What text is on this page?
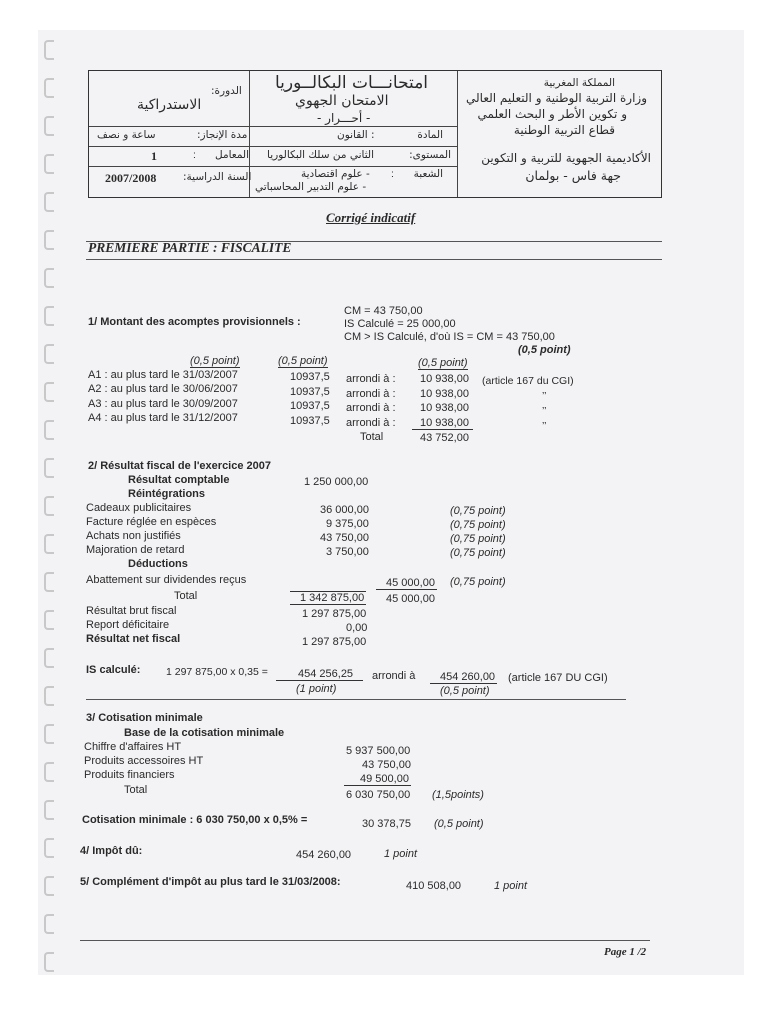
المملكة المغربية
وزارة التربية الوطنية و التعليم العالي
و تكوين الأطر و البحث العلمي
قطاع التربية الوطنية
الأكاديمية الجهوية للتربية و التكوين
جهة فاس - بولمان
امتحانـــات البكالــوريا
الامتحان الجهوي
- أحـــرار -
المادة
: القانون
المستوى:
الثاني من سلك البكالوريا
الشعبة
:
- علوم اقتصادية
- علوم التدبير المحاسباتي
الدورة:
الاستدراكية
مدة الإنجاز:
ساعة و نصف
المعامل
:
1
السنة الدراسية:
2007/2008
Corrigé indicatif
PREMIERE PARTIE : FISCALITE
1/ Montant des acomptes provisionnels :
CM = 43 750,00
IS Calculé = 25 000,00
CM > IS Calculé, d'où IS = CM = 43 750,00
(0,5 point)
(0,5 point)	(0,5 point)	(0,5 point)
A1 : au plus tard le 31/03/2007	10937,5 arrondi à : 10 938,00 (article 167 du CGI)
A2 : au plus tard le 30/06/2007	10937,5 arrondi à : 10 938,00	’’
A3 : au plus tard le 30/09/2007	10937,5 arrondi à : 10 938,00	’’
A4 : au plus tard le 31/12/2007	10937,5 arrondi à :	10 938,00	’’
Total	43 752,00
2/ Résultat fiscal de l'exercice 2007
Résultat comptable	1 250 000,00
Réintégrations
Cadeaux publicitaires	36 000,00	(0,75 point)
Facture réglée en espèces	9 375,00	(0,75 point)
Achats non justifiés	43 750,00	(0,75 point)
Majoration de retard	3 750,00	(0,75 point)
Déductions
Abattement sur dividendes reçus	45 000,00 (0,75 point)
Total	1 342 875,00 45 000,00
Résultat brut fiscal	1 297 875,00
Report déficitaire	0,00
Résultat net fiscal	1 297 875,00
IS calculé: 1 297 875,00 x 0,35 =	454 256,25
(1 point)
arrondi à	454 260,00 (article 167 DU CGI)
(0,5 point)
3/ Cotisation minimale
Base de la cotisation minimale
Chiffre d'affaires HT	5 937 500,00
Produits accessoires HT	43 750,00
Produits financiers	49 500,00
Total	6 030 750,00 (1,5points)
Cotisation minimale : 6 030 750,00 x 0,5% =	30 378,75 (0,5 point)
4/ Impôt dû:	454 260,00	1 point
5/ Complément d'impôt au plus tard le 31/03/2008:	410 508,00	1 point
Page 1 /2
